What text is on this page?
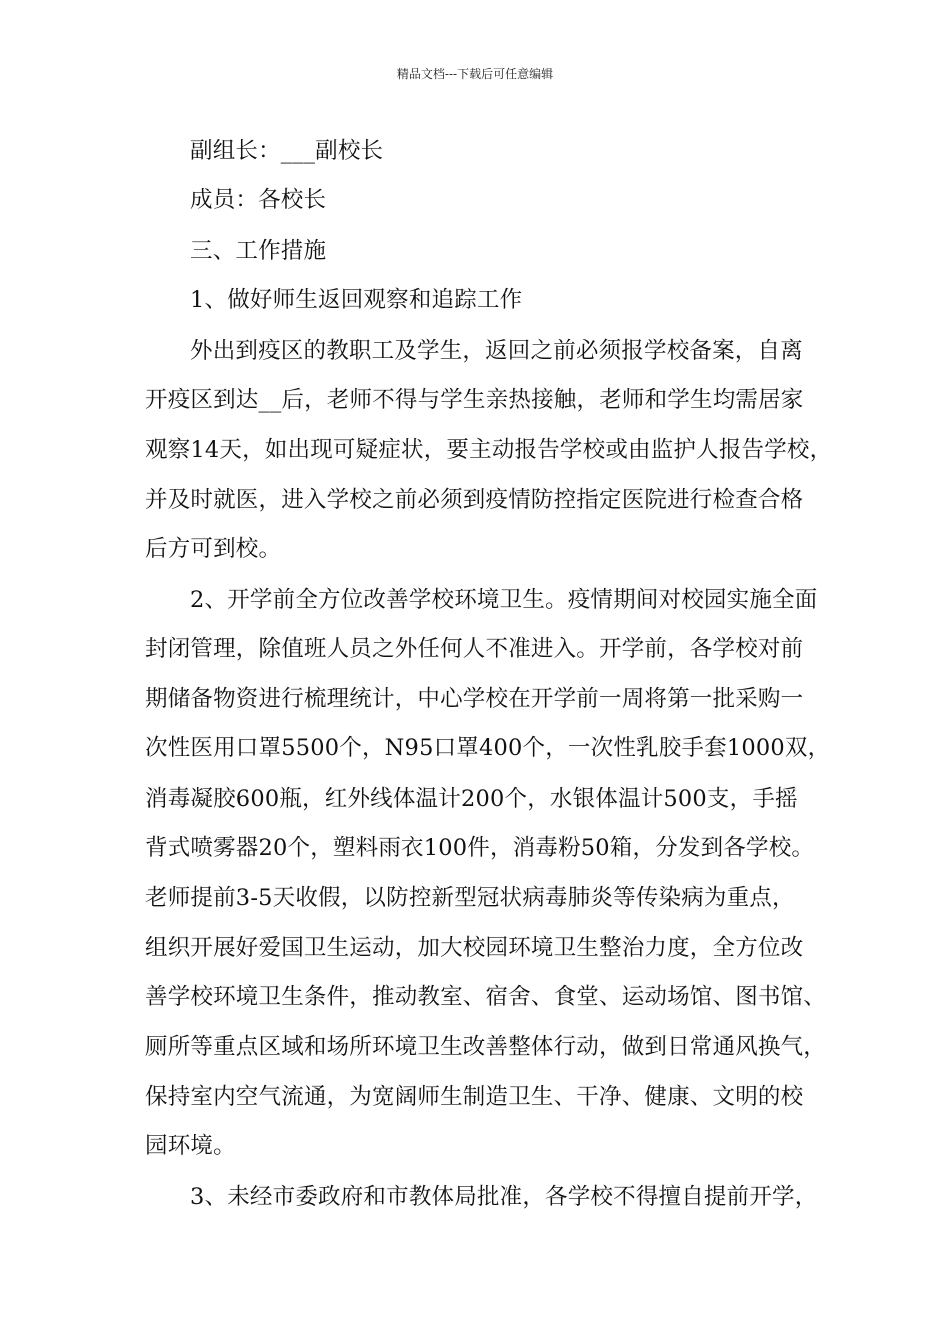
精品文档---下载后可任意编辑
副组长：___副校长
成员：各校长
三、工作措施
1、做好师生返回观察和追踪工作
外出到疫区的教职工及学生，返回之前必须报学校备案，自离
开疫区到达__后，老师不得与学生亲热接触，老师和学生均需居家
观察14天，如出现可疑症状，要主动报告学校或由监护人报告学校，
并及时就医，进入学校之前必须到疫情防控指定医院进行检查合格
后方可到校。
2、开学前全方位改善学校环境卫生。疫情期间对校园实施全面
封闭管理，除值班人员之外任何人不准进入。开学前，各学校对前
期储备物资进行梳理统计，中心学校在开学前一周将第一批采购一
次性医用口罩5500个，N95口罩400个，一次性乳胶手套1000双，
消毒凝胶600瓶，红外线体温计200个，水银体温计500支，手摇
背式喷雾器20个，塑料雨衣100件，消毒粉50箱，分发到各学校。
老师提前3-5天收假，以防控新型冠状病毒肺炎等传染病为重点，
组织开展好爱国卫生运动，加大校园环境卫生整治力度，全方位改
善学校环境卫生条件，推动教室、宿舍、食堂、运动场馆、图书馆、
厕所等重点区域和场所环境卫生改善整体行动，做到日常通风换气，
保持室内空气流通，为宽阔师生制造卫生、干净、健康、文明的校
园环境。
3、未经市委政府和市教体局批准，各学校不得擅自提前开学，
